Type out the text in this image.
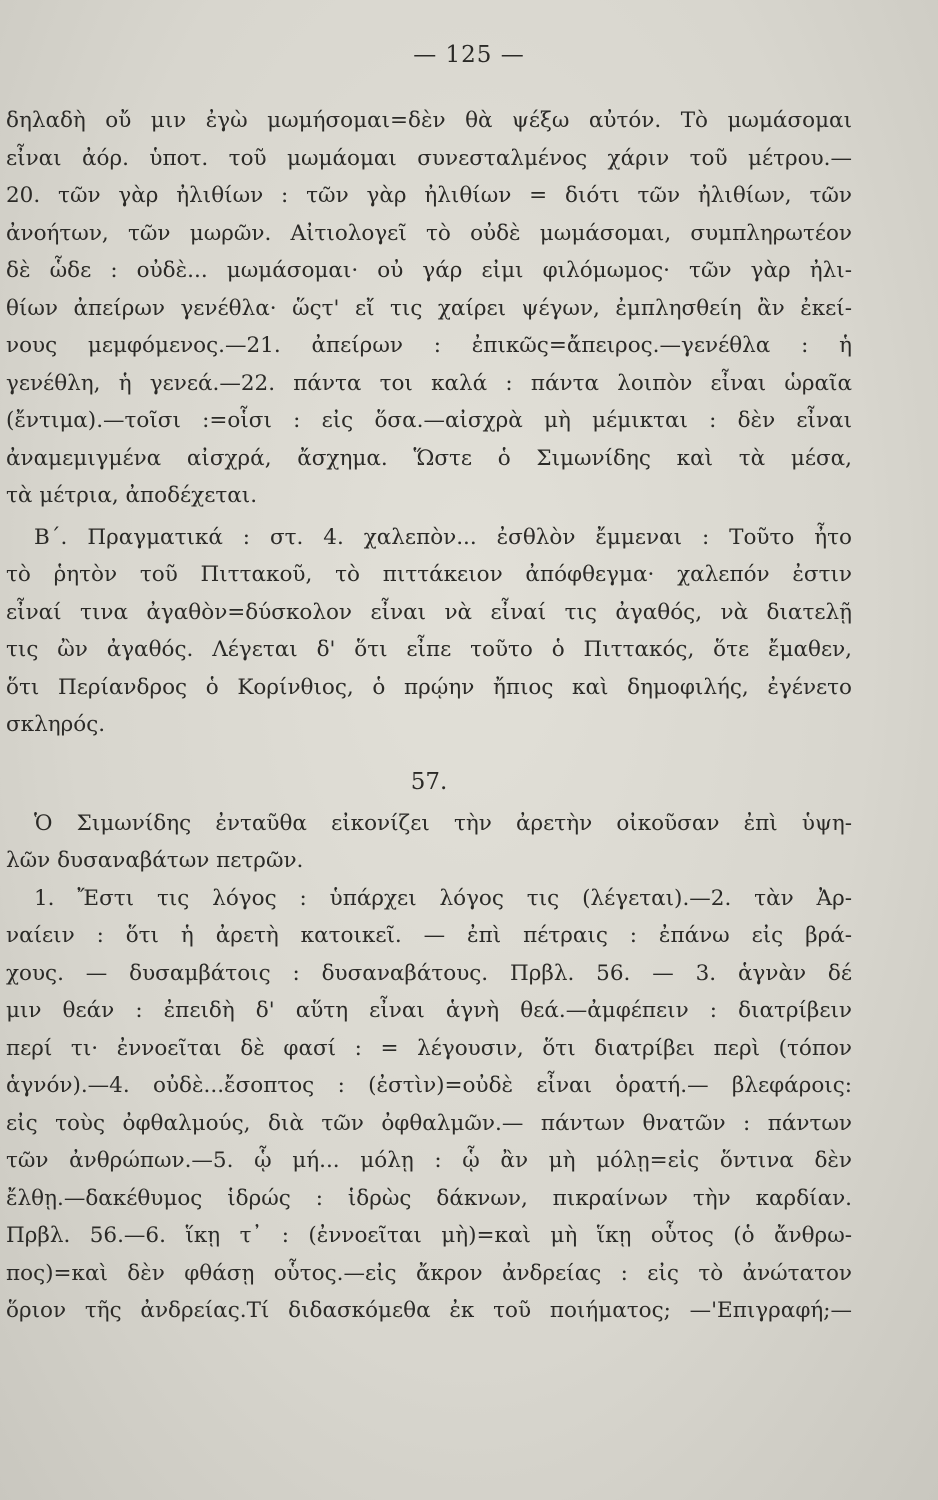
— 125 —
δηλαδὴ οὔ μιν ἐγὼ μωμήσομαι=δὲν θὰ ψέξω αὐτόν. Τὸ μωμάσομαι
εἶναι ἀόρ. ὑποτ. τοῦ μωμάομαι συνεσταλμένος χάριν τοῦ μέτρου.—
20. τῶν γὰρ ἠλιθίων : τῶν γὰρ ἠλιθίων = διότι τῶν ἠλιθίων, τῶν
ἀνοήτων, τῶν μωρῶν. Αἰτιολογεῖ τὸ οὐδὲ μωμάσομαι, συμπληρωτέον
δὲ ὧδε : οὐδὲ... μωμάσομαι· οὐ γάρ εἰμι φιλόμωμος· τῶν γὰρ ἠλι-
θίων ἀπείρων γενέθλα· ὥςτ' εἴ τις χαίρει ψέγων, ἐμπλησθείη ἂν ἐκεί-
νους μεμφόμενος.—21. ἀπείρων : ἐπικῶς=ἄπειρος.—γενέθλα : ἡ
γενέθλη, ἡ γενεά.—22. πάντα τοι καλά : πάντα λοιπὸν εἶναι ὡραῖα
(ἔντιμα).—τοῖσι :=οἷσι : εἰς ὅσα.—αἰσχρὰ μὴ μέμικται : δὲν εἶναι
ἀναμεμιγμένα αἰσχρά, ἄσχημα. Ὥστε ὁ Σιμωνίδης καὶ τὰ μέσα,
τὰ μέτρια, ἀποδέχεται.
Β΄. Πραγματικά : στ. 4. χαλεπὸν... ἐσθλὸν ἔμμεναι : Τοῦτο ἦτο
τὸ ῥητὸν τοῦ Πιττακοῦ, τὸ πιττάκειον ἀπόφθεγμα· χαλεπόν ἐστιν
εἶναί τινα ἀγαθὸν=δύσκολον εἶναι νὰ εἶναί τις ἀγαθός, νὰ διατελῇ
τις ὢν ἀγαθός. Λέγεται δ' ὅτι εἶπε τοῦτο ὁ Πιττακός, ὅτε ἔμαθεν,
ὅτι Περίανδρος ὁ Κορίνθιος, ὁ πρῴην ἤπιος καὶ δημοφιλής, ἐγένετο
σκληρός.
57.
Ὁ Σιμωνίδης ἐνταῦθα εἰκονίζει τὴν ἀρετὴν οἰκοῦσαν ἐπὶ ὑψη-
λῶν δυσαναβάτων πετρῶν.
1. Ἔστι τις λόγος : ὑπάρχει λόγος τις (λέγεται).—2. τὰν Ἀρ-
ναίειν : ὅτι ἡ ἀρετὴ κατοικεῖ. — ἐπὶ πέτραις : ἐπάνω εἰς βρά-
χους. — δυσαμβάτοις : δυσαναβάτους. Πρβλ. 56. — 3. ἁγνὰν δέ
μιν θεάν : ἐπειδὴ δ' αὕτη εἶναι ἁγνὴ θεά.—ἀμφέπειν : διατρίβειν
περί τι· ἐννοεῖται δὲ φασί : = λέγουσιν, ὅτι διατρίβει περὶ (τόπον
ἁγνόν).—4. οὐδὲ...ἔσοπτος : (ἐστὶν)=οὐδὲ εἶναι ὁρατή.— βλεφάροις:
εἰς τοὺς ὀφθαλμούς, διὰ τῶν ὀφθαλμῶν.— πάντων θνατῶν : πάντων
τῶν ἀνθρώπων.—5. ᾧ μή... μόλῃ : ᾧ ἂν μὴ μόλῃ=εἰς ὅντινα δὲν
ἔλθῃ.—δακέθυμος ἱδρώς : ἱδρὼς δάκνων, πικραίνων τὴν καρδίαν.
Πρβλ. 56.—6. ἵκῃ τ᾿ : (ἐννοεῖται μὴ)=καὶ μὴ ἵκῃ οὗτος (ὁ ἄνθρω-
πος)=καὶ δὲν φθάσῃ οὗτος.—εἰς ἄκρον ἀνδρείας : εἰς τὸ ἀνώτατον
ὅριον τῆς ἀνδρείας.Τί διδασκόμεθα ἐκ τοῦ ποιήματος; —'Επιγραφή;—
